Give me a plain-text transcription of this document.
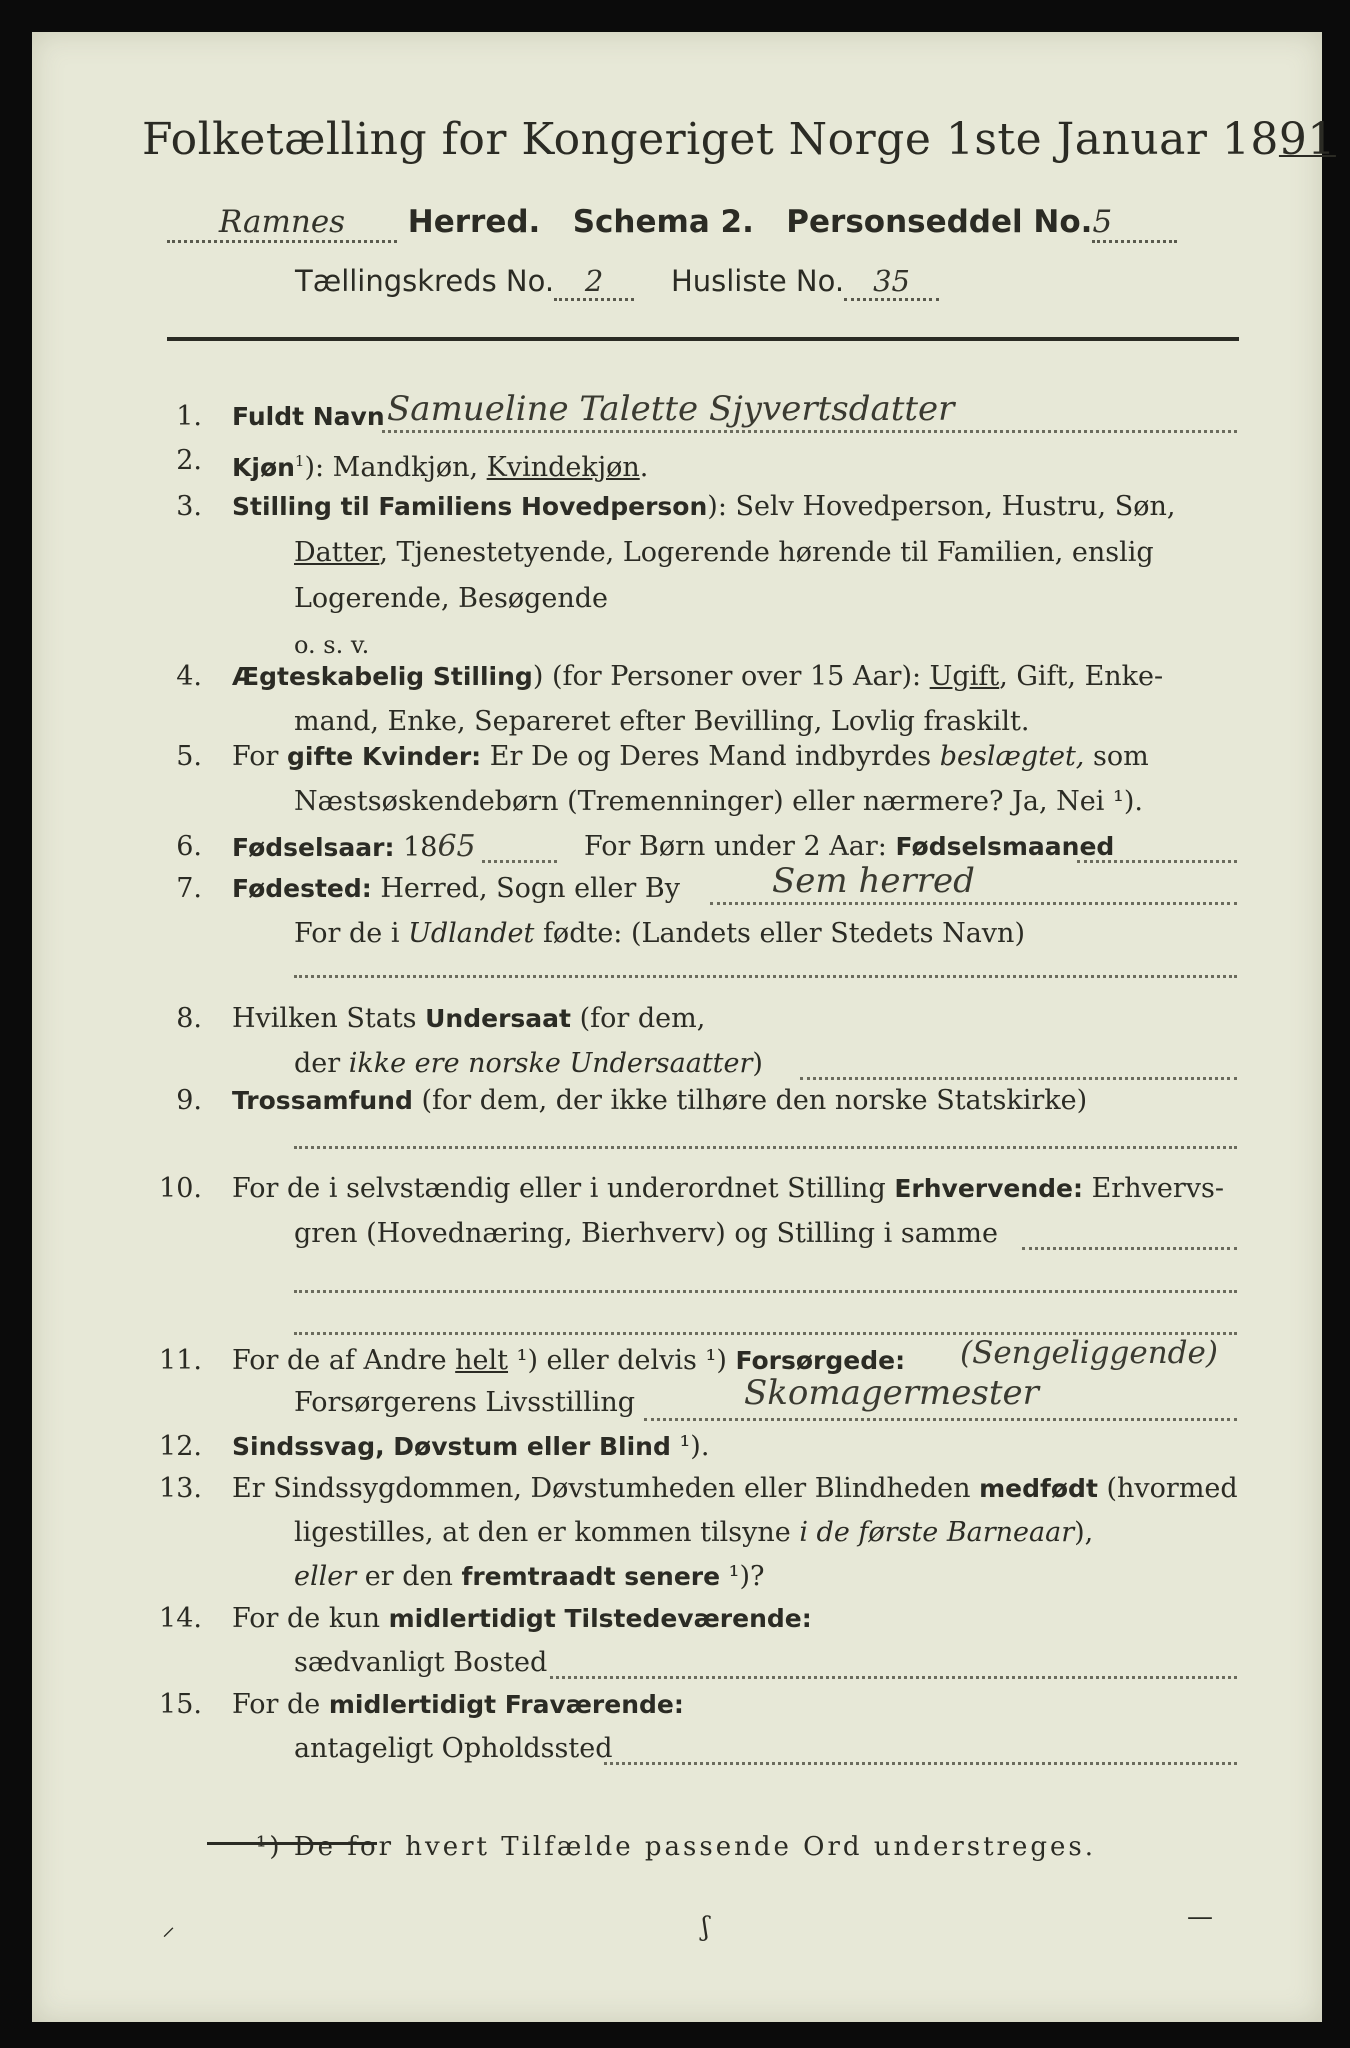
Folketælling for Kongeriget Norge 1ste Januar 1891
Ramnes Herred. Schema 2. Personseddel No.5
Tællingskreds No. 2 Husliste No. 35
1. Fuldt Navn Samueline Talette Sjyvertsdatter
2. Kjøn$^1$): Mandkjøn, Kvindekjøn.
3. Stilling til Familiens Hovedperson): Selv Hovedperson, Hustru, Søn,
Datter, Tjenestetyende, Logerende hørende til Familien, enslig
Logerende, Besøgende
o. s. v.
4. Ægteskabelig Stilling) (for Personer over 15 Aar): Ugift, Gift, Enke-
mand, Enke, Separeret efter Bevilling, Lovlig fraskilt.
5. For gifte Kvinder: Er De og Deres Mand indbyrdes beslægtet, som
Næstsøskendebørn (Tremenninger) eller nærmere? Ja, Nei ¹).
6. Fødselsaar: 1865	For Børn under 2 Aar: Fødselsmaaned
7. Fødested: Herred, Sogn eller By	Sem herred
For de i Udlandet fødte: (Landets eller Stedets Navn)
8. Hvilken Stats Undersaat (for dem,
der ikke ere norske Undersaatter)
9. Trossamfund (for dem, der ikke tilhøre den norske Statskirke)
10. For de i selvstændig eller i underordnet Stilling Erhvervende: Erhvervs-
gren (Hovednæring, Bierhverv) og Stilling i samme
11. For de af Andre helt ¹) eller delvis ¹) Forsørgede: (Sengeliggende)
Forsørgerens Livsstilling	Skomagermester
12. Sindssvag, Døvstum eller Blind ¹).
13. Er Sindssygdommen, Døvstumheden eller Blindheden medfødt (hvormed
ligestilles, at den er kommen tilsyne i de første Barneaar),
eller er den fremtraadt senere ¹)?
14. For de kun midlertidigt Tilstedeværende:
sædvanligt Bosted
15. For de midlertidigt Fraværende:
antageligt Opholdssted
¹) De for hvert Tilfælde passende Ord understreges.
⸝	ʃ	—
